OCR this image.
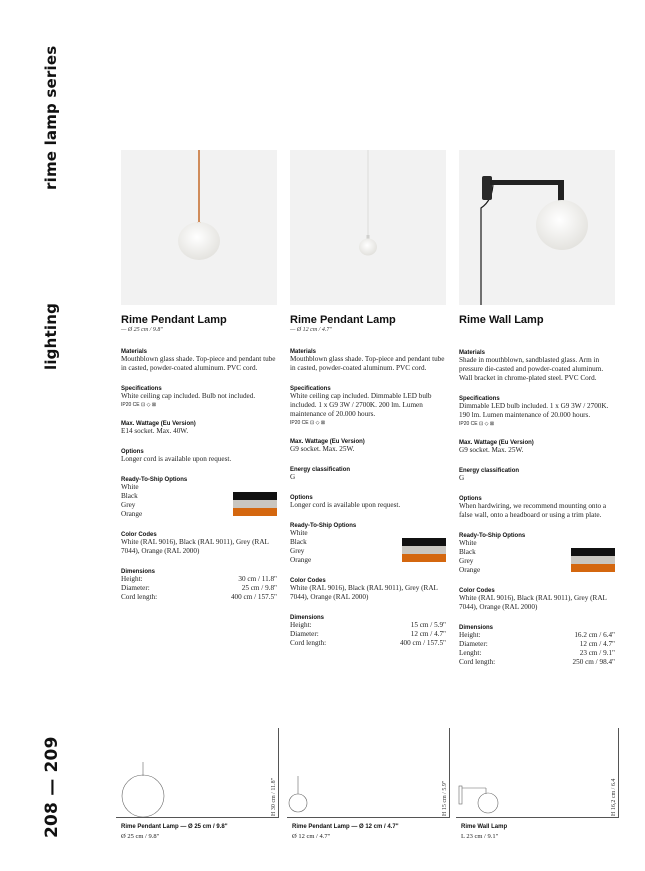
rime lamp series
lighting
208 — 209
Rime Pendant Lamp
— Ø 25 cm / 9.8"
Materials
Mouthblown glass shade. Top-piece and pendant tube in casted, powder-coated aluminum. PVC cord.
Specifications
White ceiling cap included. Bulb not included.
IP20 CE ⊡ ◇ ⊠
Max. Wattage (Eu Version)
E14 socket. Max. 40W.
Options
Longer cord is available upon request.
Ready-To-Ship Options
White
Black
Grey
Orange
Color Codes
White (RAL 9016), Black (RAL 9011), Grey (RAL 7044), Orange (RAL 2000)
Dimensions
Height:	30 cm / 11.8"
Diameter:	25 cm / 9.8"
Cord length:	400 cm / 157.5"
Rime Pendant Lamp
— Ø 12 cm / 4.7"
Materials
Mouthblown glass shade. Top-piece and pendant tube in casted, powder-coated aluminum. PVC cord.
Specifications
White ceiling cap included. Dimmable LED bulb included. 1 x G9 3W / 2700K. 200 lm. Lumen maintenance of 20.000 hours.
IP20 CE ⊡ ◇ ⊠
Max. Wattage (Eu Version)
G9 socket. Max. 25W.
Energy classification
G
Options
Longer cord is available upon request.
Ready-To-Ship Options
White
Black
Grey
Orange
Color Codes
White (RAL 9016), Black (RAL 9011), Grey (RAL 7044), Orange (RAL 2000)
Dimensions
Height:	15 cm / 5.9"
Diameter:	12 cm / 4.7"
Cord length:	400 cm / 157.5"
Rime Wall Lamp
Materials
Shade in mouthblown, sandblasted glass. Arm in pressure die-casted and powder-coated aluminum. Wall bracket in chrome-plated steel. PVC Cord.
Specifications
Dimmable LED bulb included. 1 x G9 3W / 2700K. 190 lm. Lumen maintenance of 20.000 hours.
IP20 CE ⊡ ◇ ⊠
Max. Wattage (Eu Version)
G9 socket. Max. 25W.
Energy classification
G
Options
When hardwiring, we recommend mounting onto a false wall, onto a headboard or using a trim plate.
Ready-To-Ship Options
White
Black
Grey
Orange
Color Codes
White (RAL 9016), Black (RAL 9011), Grey (RAL 7044), Orange (RAL 2000)
Dimensions
Height:	16.2 cm / 6.4"
Diameter:	12 cm / 4.7"
Lenght:	23 cm / 9.1"
Cord length:	250 cm / 98.4"
H 30 cm / 11.8"
Rime Pendant Lamp — Ø 25 cm / 9.8"
Ø 25 cm / 9.8"
H 15 cm / 5.9"
Rime Pendant Lamp — Ø 12 cm / 4.7"
Ø 12 cm / 4.7"
H 16,2 cm / 6.4
Rime Wall Lamp
L 23 cm / 9.1"
